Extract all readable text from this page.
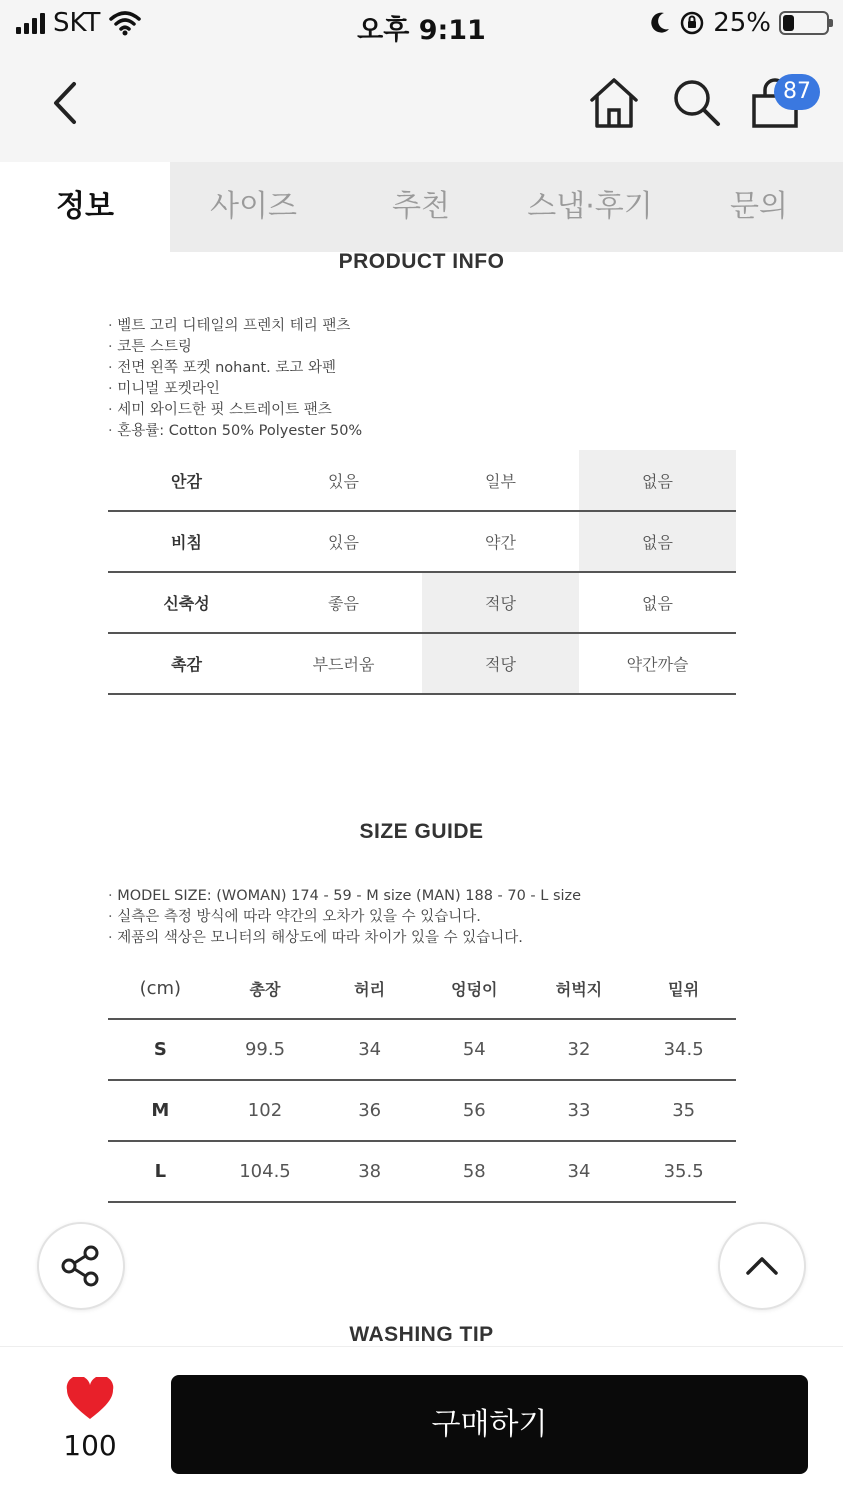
SKT	오후 9:11	25%
87
정보	사이즈	추천	스냅·후기	문의
PRODUCT INFO
· 벨트 고리 디테일의 프렌치 테리 팬츠
· 코튼 스트링
· 전면 왼쪽 포켓 nohant. 로고 와펜
· 미니멀 포켓라인
· 세미 와이드한 핏 스트레이트 팬츠
· 혼용률: Cotton 50% Polyester 50%
안감	있음	일부	없음
비침	있음	약간	없음
신축성	좋음	적당	없음
촉감	부드러움	적당	약간까슬
SIZE GUIDE
· MODEL SIZE: (WOMAN) 174 - 59 - M size (MAN) 188 - 70 - L size
· 실측은 측정 방식에 따라 약간의 오차가 있을 수 있습니다.
· 제품의 색상은 모니터의 해상도에 따라 차이가 있을 수 있습니다.
(cm)	총장	허리	엉덩이	허벅지	밑위
S	99.5	34	54	32	34.5
M	102	36	56	33	35
L	104.5	38	58	34	35.5
WASHING TIP
100
구매하기
